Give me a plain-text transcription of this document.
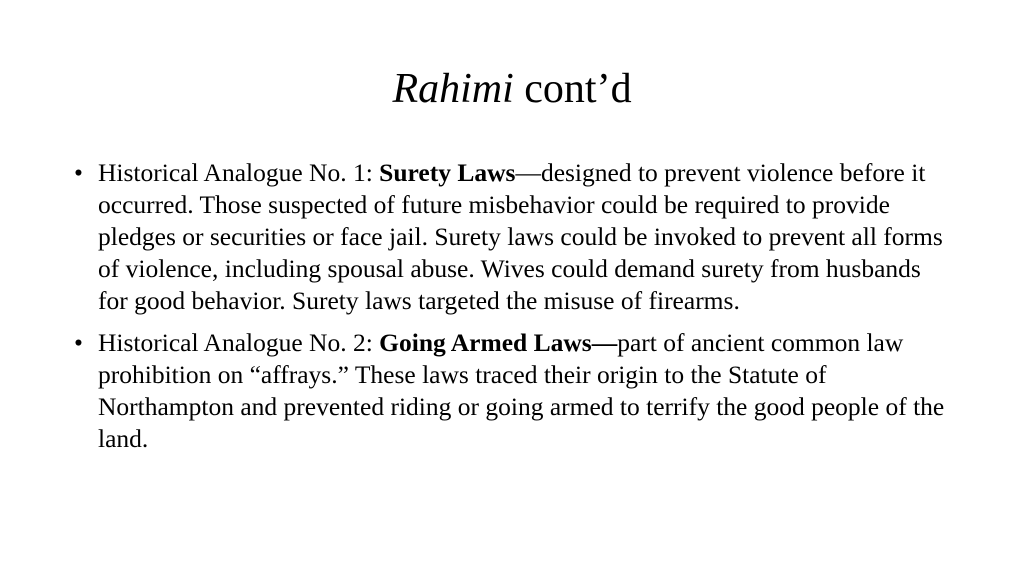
Rahimi cont’d
• Historical Analogue No. 1: Surety Laws—designed to prevent violence before it occurred. Those suspected of future misbehavior could be required to provide pledges or securities or face jail. Surety laws could be invoked to prevent all forms of violence, including spousal abuse. Wives could demand surety from husbands for good behavior. Surety laws targeted the misuse of firearms.
• Historical Analogue No. 2: Going Armed Laws—part of ancient common law prohibition on “affrays.” These laws traced their origin to the Statute of Northampton and prevented riding or going armed to terrify the good people of the land.
